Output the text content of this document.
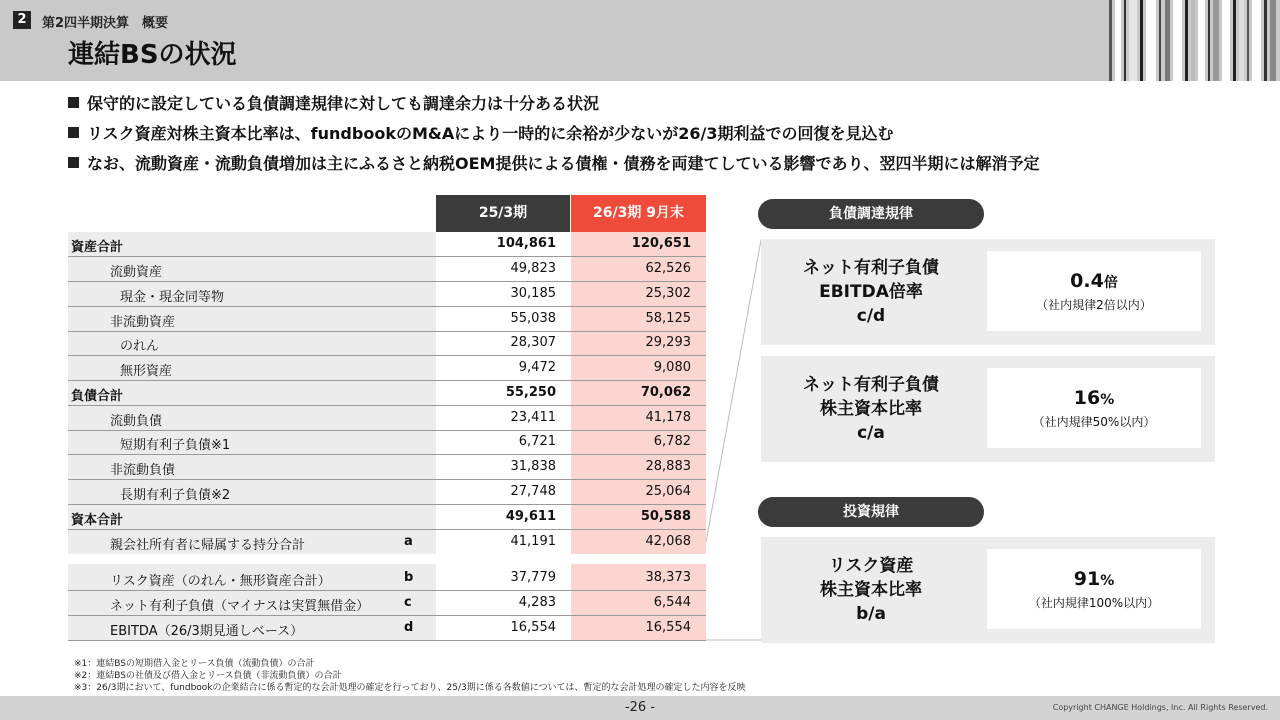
2	第2四半期決算　概要
連結BSの状況
保守的に設定している負債調達規律に対しても調達余力は十分ある状況
リスク資産対株主資本比率は、fundbookのM&Aにより一時的に余裕が少ないが26/3期利益での回復を見込む
なお、流動資産・流動負債増加は主にふるさと納税OEM提供による債権・債務を両建てしている影響であり、翌四半期には解消予定
25/3期	26/3期 9月末
資産合計	104,861	120,651
流動資産	49,823	62,526
現金・現金同等物	30,185	25,302
非流動資産	55,038	58,125
のれん	28,307	29,293
無形資産	9,472	9,080
負債合計	55,250	70,062
流動負債	23,411	41,178
短期有利子負債※1	6,721	6,782
非流動負債	31,838	28,883
長期有利子負債※2	27,748	25,064
資本合計	49,611	50,588
親会社所有者に帰属する持分合計	a	41,191	42,068
リスク資産（のれん・無形資産合計）	b	37,779	38,373
ネット有利子負債（マイナスは実質無借金）	c	4,283	6,544
EBITDA（26/3期見通しベース）	d	16,554	16,554
負債調達規律
ネット有利子負債
EBITDA倍率
c/d
0.4倍
（社内規律2倍以内）
ネット有利子負債
株主資本比率
c/a
16%
（社内規律50%以内）
投資規律
リスク資産
株主資本比率
b/a
91%
（社内規律100%以内）
※1：連結BSの短期借入金とリース負債（流動負債）の合計
※2：連結BSの社債及び借入金とリース負債（非流動負債）の合計
※3：26/3期において、fundbookの企業結合に係る暫定的な会計処理の確定を行っており、25/3期に係る各数値については、暫定的な会計処理の確定した内容を反映
-26 -	Copyright CHANGE Holdings, Inc. All Rights Reserved.
